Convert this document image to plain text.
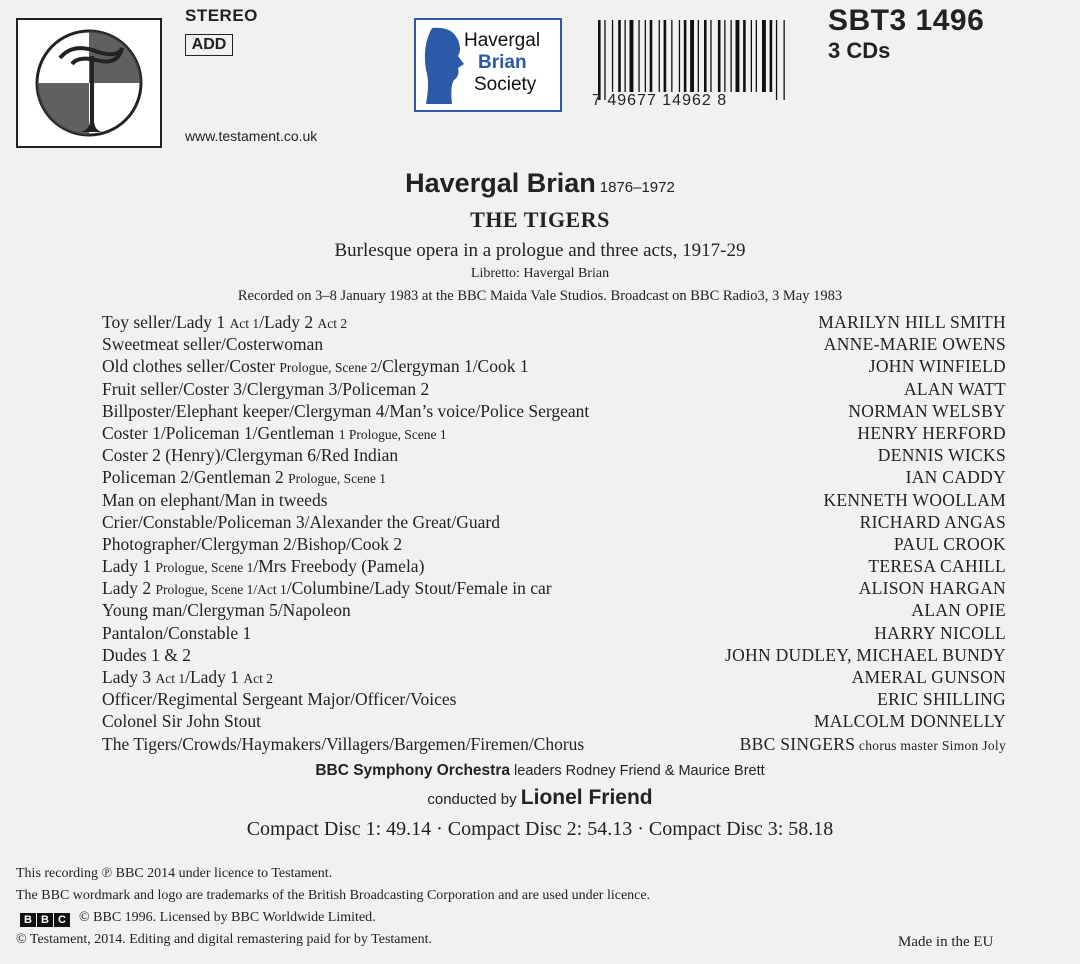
STEREO
ADD
www.testament.co.uk
Havergal
Brian
Society
7 49677 14962 8
SBT3 1496
3 CDs
Havergal Brian 1876–1972
THE TIGERS
Burlesque opera in a prologue and three acts, 1917-29
Libretto: Havergal Brian
Recorded on 3–8 January 1983 at the BBC Maida Vale Studios. Broadcast on BBC Radio3, 3 May 1983
Toy seller/Lady 1 Act 1/Lady 2 Act 2	MARILYN HILL SMITH
Sweetmeat seller/Costerwoman	ANNE-MARIE OWENS
Old clothes seller/Coster Prologue, Scene 2/Clergyman 1/Cook 1	JOHN WINFIELD
Fruit seller/Coster 3/Clergyman 3/Policeman 2	ALAN WATT
Billposter/Elephant keeper/Clergyman 4/Man’s voice/Police Sergeant	NORMAN WELSBY
Coster 1/Policeman 1/Gentleman 1 Prologue, Scene 1	HENRY HERFORD
Coster 2 (Henry)/Clergyman 6/Red Indian	DENNIS WICKS
Policeman 2/Gentleman 2 Prologue, Scene 1	IAN CADDY
Man on elephant/Man in tweeds	KENNETH WOOLLAM
Crier/Constable/Policeman 3/Alexander the Great/Guard	RICHARD ANGAS
Photographer/Clergyman 2/Bishop/Cook 2	PAUL CROOK
Lady 1 Prologue, Scene 1/Mrs Freebody (Pamela)	TERESA CAHILL
Lady 2 Prologue, Scene 1/Act 1/Columbine/Lady Stout/Female in car	ALISON HARGAN
Young man/Clergyman 5/Napoleon	ALAN OPIE
Pantalon/Constable 1	HARRY NICOLL
Dudes 1 & 2	JOHN DUDLEY, MICHAEL BUNDY
Lady 3 Act 1/Lady 1 Act 2	AMERAL GUNSON
Officer/Regimental Sergeant Major/Officer/Voices	ERIC SHILLING
Colonel Sir John Stout	MALCOLM DONNELLY
The Tigers/Crowds/Haymakers/Villagers/Bargemen/Firemen/Chorus	BBC SINGERS chorus master Simon Joly
BBC Symphony Orchestra leaders Rodney Friend & Maurice Brett
conducted by Lionel Friend
Compact Disc 1: 49.14 · Compact Disc 2: 54.13 · Compact Disc 3: 58.18
This recording ℗ BBC 2014 under licence to Testament.
The BBC wordmark and logo are trademarks of the British Broadcasting Corporation and are used under licence.
B B C © BBC 1996. Licensed by BBC Worldwide Limited.
© Testament, 2014. Editing and digital remastering paid for by Testament.	Made in the EU
